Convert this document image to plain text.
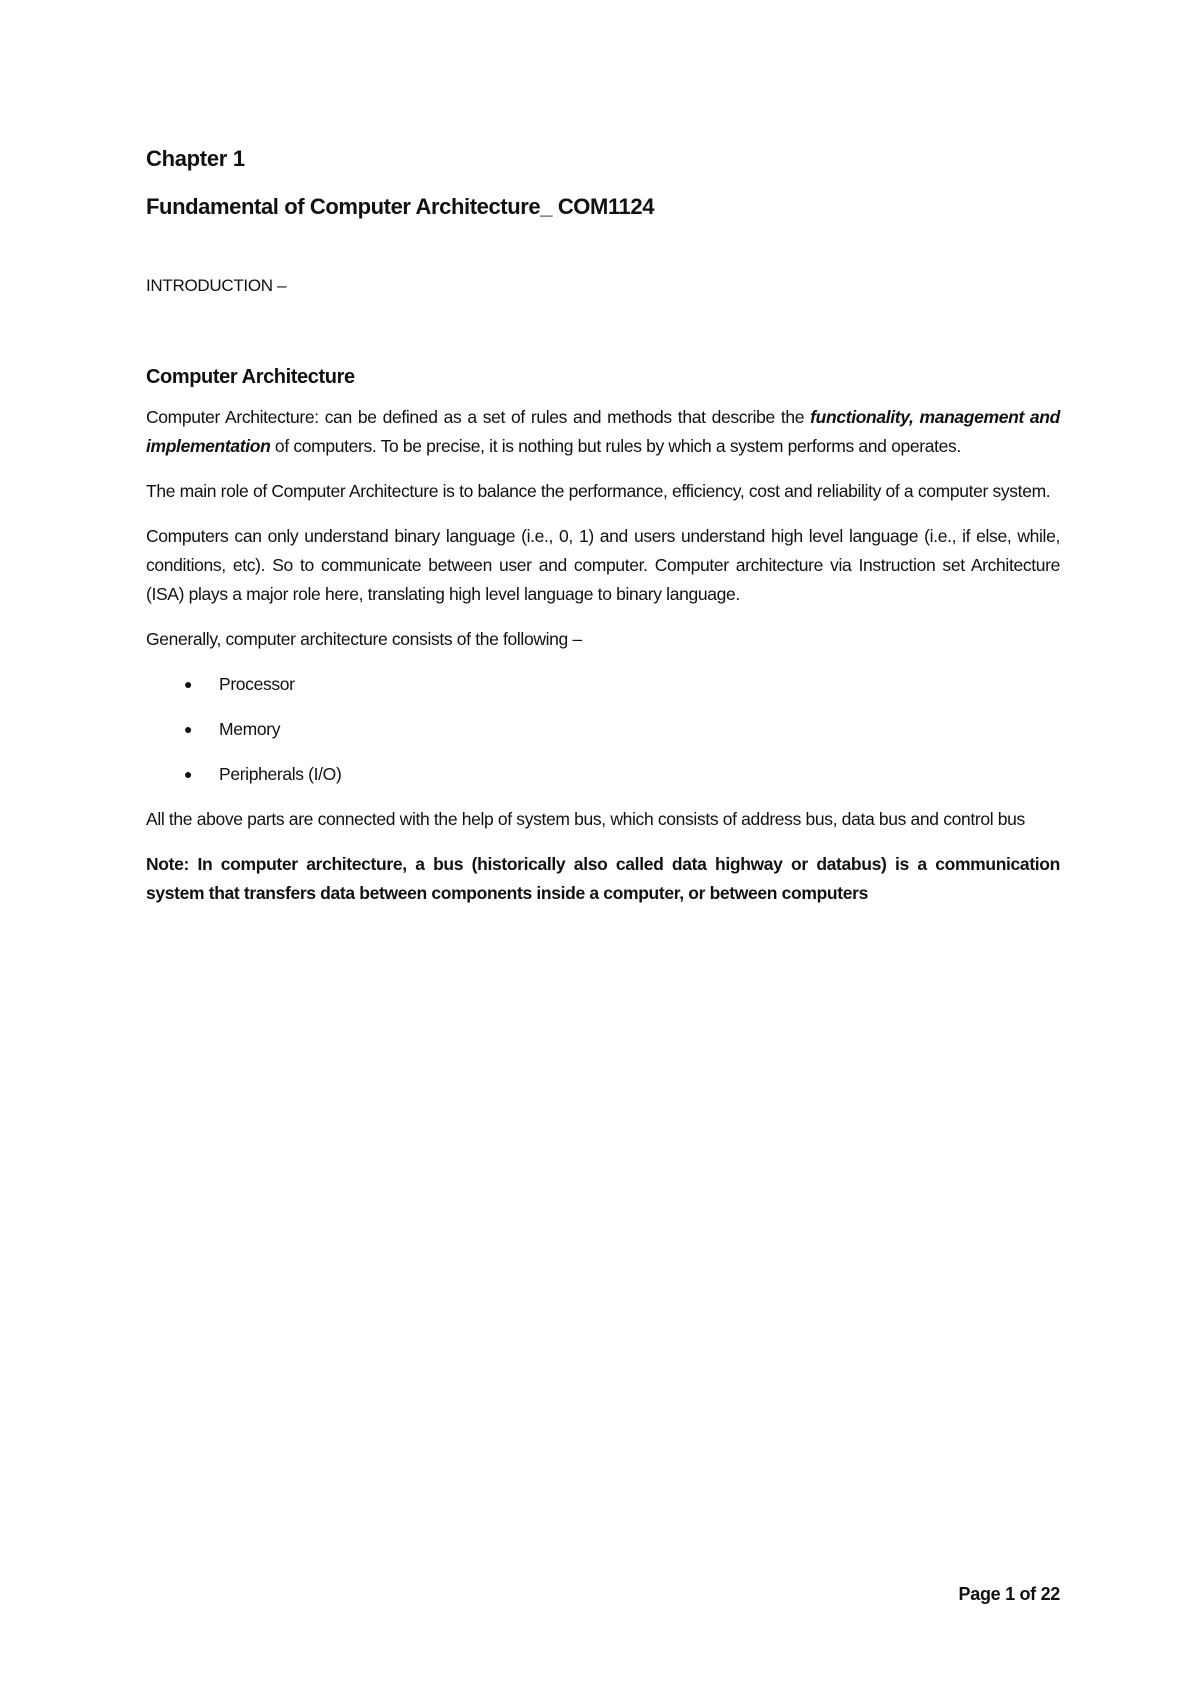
Chapter 1
Fundamental of Computer Architecture_ COM1124
INTRODUCTION –
Computer Architecture

Computer Architecture: can be defined as a set of rules and methods that describe the functionality, management and implementation of computers. To be precise, it is nothing but rules by which a system performs and operates.

The main role of Computer Architecture is to balance the performance, efficiency, cost and reliability of a computer system.

Computers can only understand binary language (i.e., 0, 1) and users understand high level language (i.e., if else, while, conditions, etc). So to communicate between user and computer. Computer architecture via Instruction set Architecture (ISA) plays a major role here, translating high level language to binary language.

Generally, computer architecture consists of the following –

● Processor
● Memory
● Peripherals (I/O)

All the above parts are connected with the help of system bus, which consists of address bus, data bus and control bus

Note: In computer architecture, a bus (historically also called data highway or databus) is a communication system that transfers data between components inside a computer, or between computers

Page 1 of 22
